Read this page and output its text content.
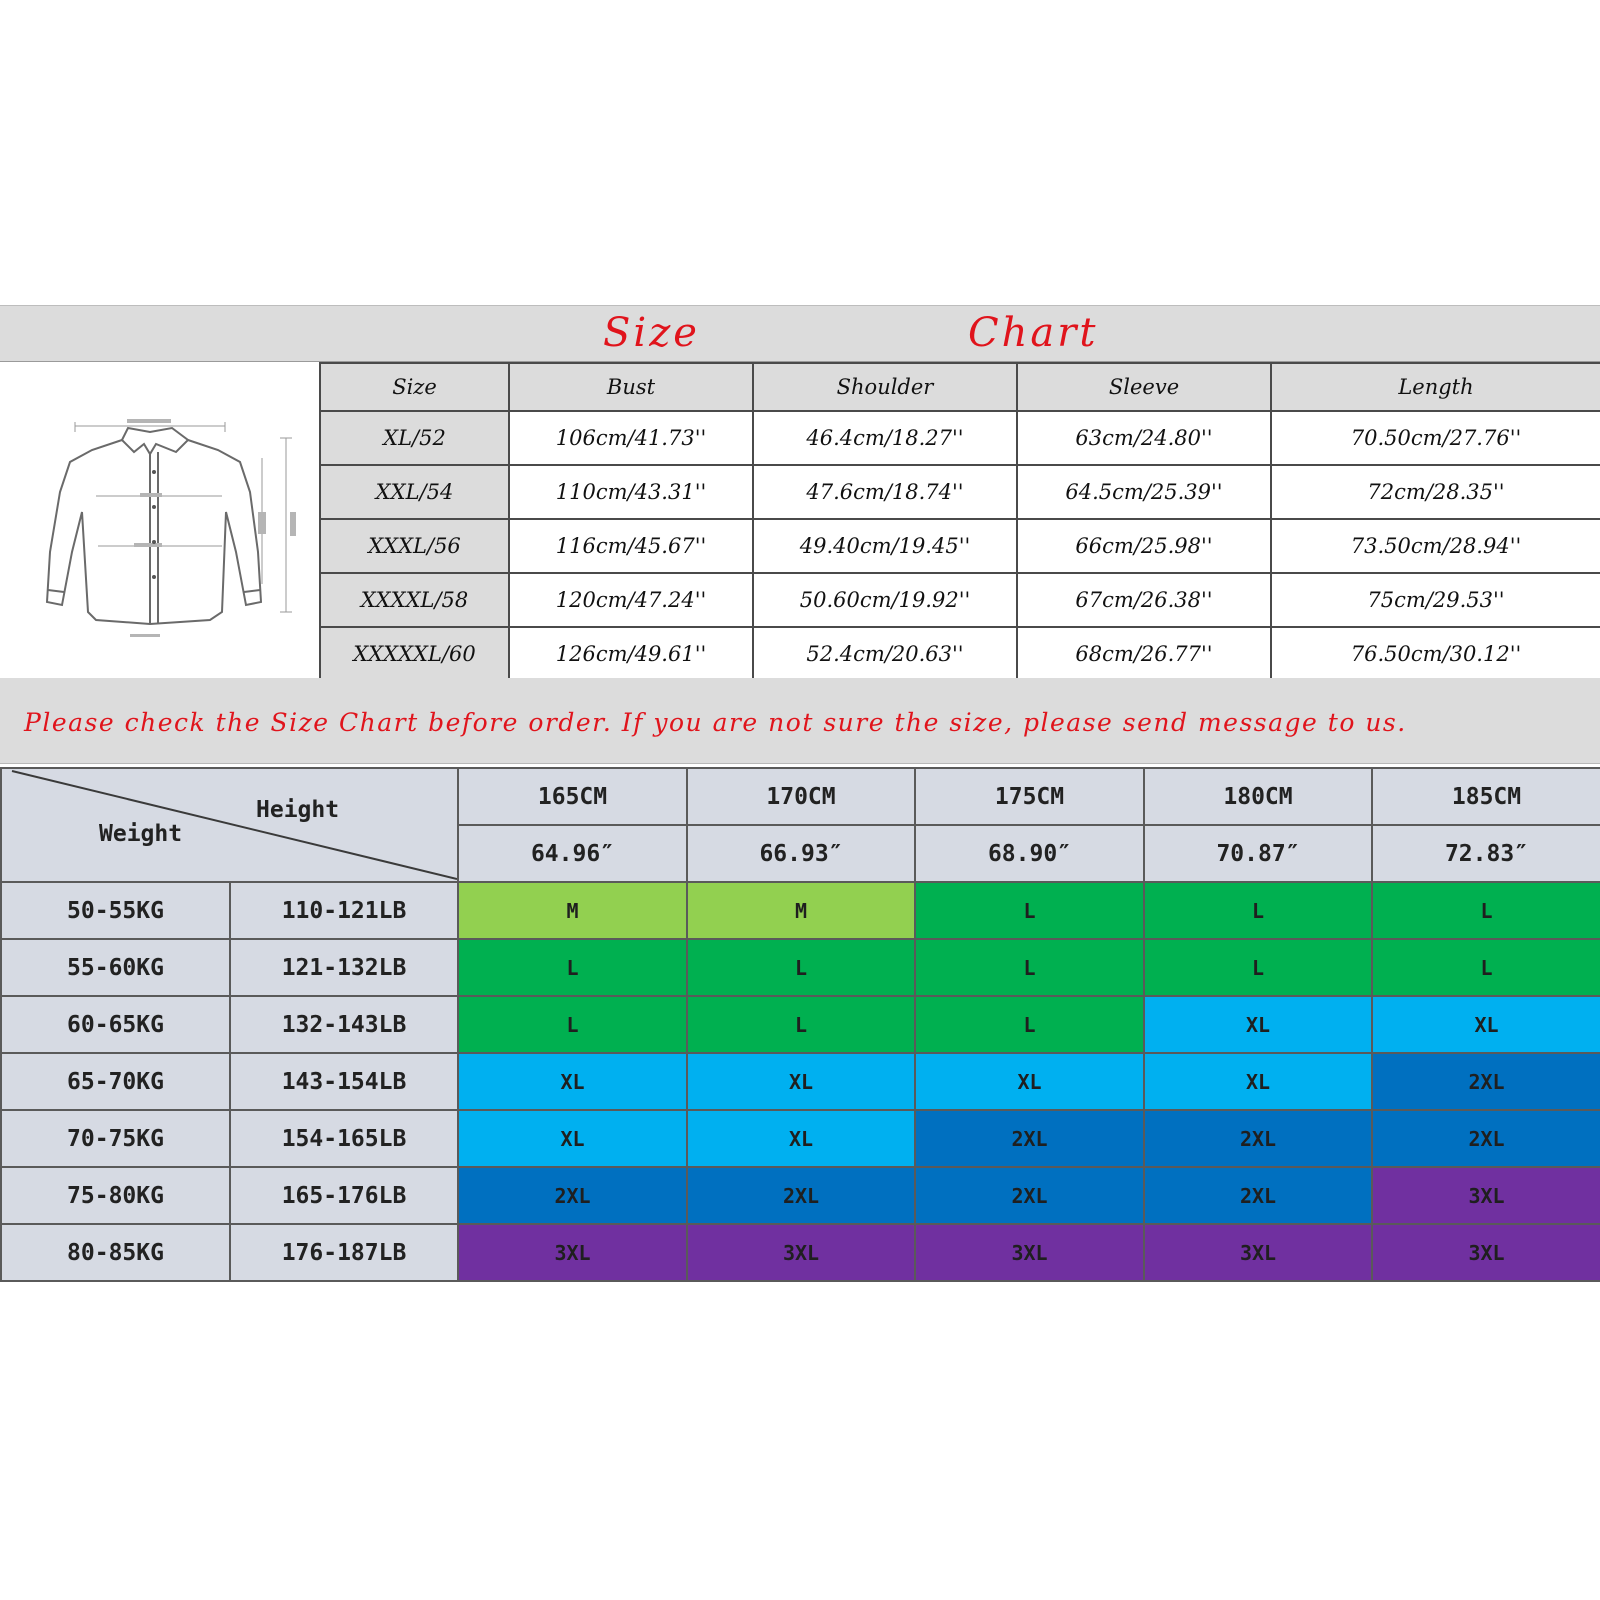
Size	Chart
Size	Bust	Shoulder	Sleeve	Length
XL/52	106cm/41.73''	46.4cm/18.27''	63cm/24.80''	70.50cm/27.76''
XXL/54	110cm/43.31''	47.6cm/18.74''	64.5cm/25.39''	72cm/28.35''
XXXL/56	116cm/45.67''	49.40cm/19.45''	66cm/25.98''	73.50cm/28.94''
XXXXL/58	120cm/47.24''	50.60cm/19.92''	67cm/26.38''	75cm/29.53''
XXXXXL/60	126cm/49.61''	52.4cm/20.63''	68cm/26.77''	76.50cm/30.12''
Please check the Size Chart before order. If you are not sure the size, please send message to us.
Height
Weight		165CM	170CM	175CM	180CM	185CM
		64.96″	66.93″	68.90″	70.87″	72.83″
50-55KG	110-121LB	M	M	L	L	L
55-60KG	121-132LB	L	L	L	L	L
60-65KG	132-143LB	L	L	L	XL	XL
65-70KG	143-154LB	XL	XL	XL	XL	2XL
70-75KG	154-165LB	XL	XL	2XL	2XL	2XL
75-80KG	165-176LB	2XL	2XL	2XL	2XL	3XL
80-85KG	176-187LB	3XL	3XL	3XL	3XL	3XL
